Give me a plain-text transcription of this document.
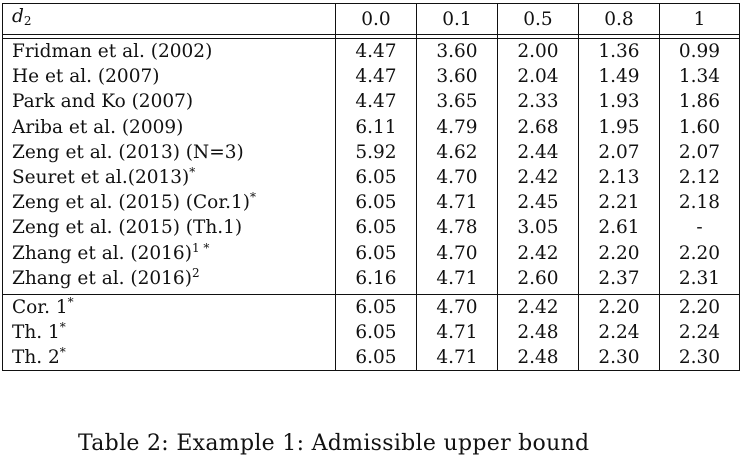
$d_2$	0.0	0.1	0.5	0.8	1

Fridman et al. (2002)	4.47	3.60	2.00	1.36	0.99
He et al. (2007)	4.47	3.60	2.04	1.49	1.34
Park and Ko (2007)	4.47	3.65	2.33	1.93	1.86
Ariba et al. (2009)	6.11	4.79	2.68	1.95	1.60
Zeng et al. (2013) (N=3)	5.92	4.62	2.44	2.07	2.07
Seuret et al.(2013)*	6.05	4.70	2.42	2.13	2.12
Zeng et al. (2015) (Cor.1)*	6.05	4.71	2.45	2.21	2.18
Zeng et al. (2015) (Th.1)	6.05	4.78	3.05	2.61	-
Zhang et al. $(2016)^{1 *}$	6.05	4.70	2.42	2.20	2.20
Zhang et al. $(2016)^2$	6.16	4.71	2.60	2.37	2.31

Cor. 1*	6.05	4.70	2.42	2.20	2.20
Th. 1*	6.05	4.71	2.48	2.24	2.24
Th. 2*	6.05	4.71	2.48	2.30	2.30
Table 2: Example 1: Admissible upper bound
